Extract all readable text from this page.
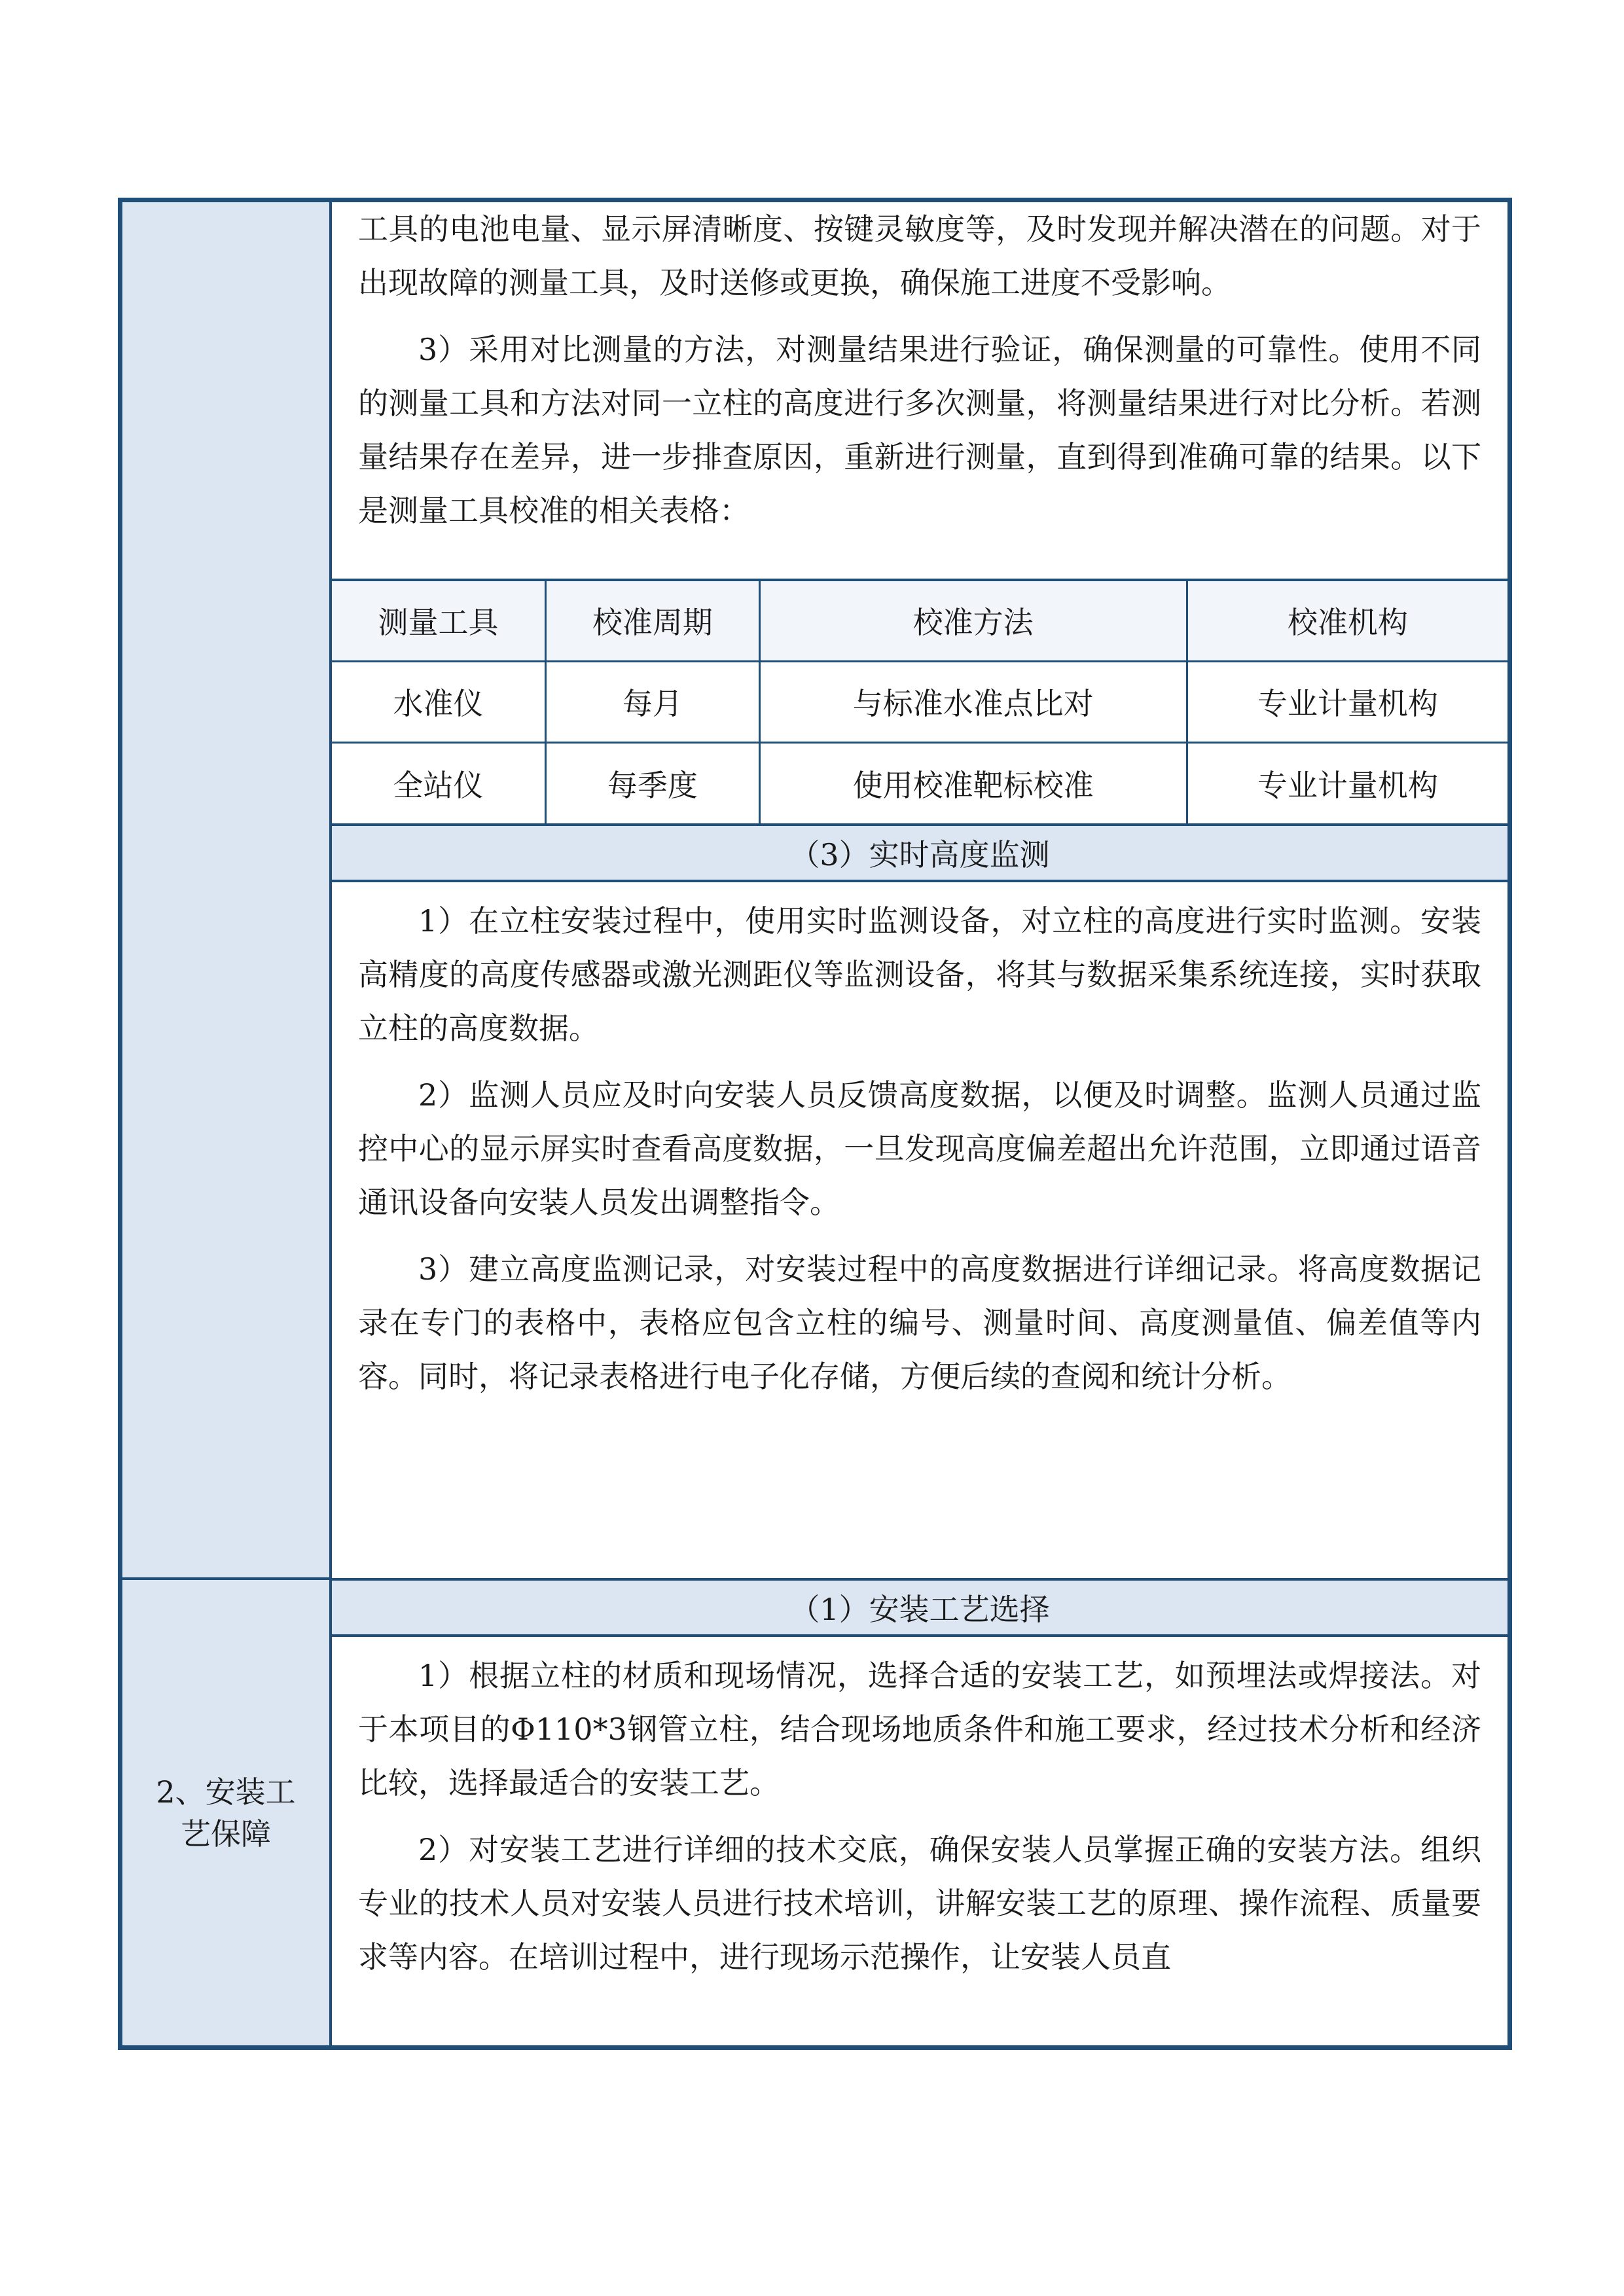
2、安装工艺保障

工具的电池电量、显示屏清晰度、按键灵敏度等，及时发现并解决潜在的问题。对于出现故障的测量工具，及时送修或更换，确保施工进度不受影响。

3）采用对比测量的方法，对测量结果进行验证，确保测量的可靠性。使用不同的测量工具和方法对同一立柱的高度进行多次测量，将测量结果进行对比分析。若测量结果存在差异，进一步排查原因，重新进行测量，直到得到准确可靠的结果。以下是测量工具校准的相关表格：

测量工具	校准周期	校准方法	校准机构
水准仪	每月	与标准水准点比对	专业计量机构
全站仪	每季度	使用校准靶标校准	专业计量机构
（3）实时高度监测

1）在立柱安装过程中，使用实时监测设备，对立柱的高度进行实时监测。安装高精度的高度传感器或激光测距仪等监测设备，将其与数据采集系统连接，实时获取立柱的高度数据。

2）监测人员应及时向安装人员反馈高度数据，以便及时调整。监测人员通过监控中心的显示屏实时查看高度数据，一旦发现高度偏差超出允许范围，立即通过语音通讯设备向安装人员发出调整指令。

3）建立高度监测记录，对安装过程中的高度数据进行详细记录。将高度数据记录在专门的表格中，表格应包含立柱的编号、测量时间、高度测量值、偏差值等内容。同时，将记录表格进行电子化存储，方便后续的查阅和统计分析。

（1）安装工艺选择

1）根据立柱的材质和现场情况，选择合适的安装工艺，如预埋法或焊接法。对于本项目的Φ110*3钢管立柱，结合现场地质条件和施工要求，经过技术分析和经济比较，选择最适合的安装工艺。

2）对安装工艺进行详细的技术交底，确保安装人员掌握正确的安装方法。组织专业的技术人员对安装人员进行技术培训，讲解安装工艺的原理、操作流程、质量要求等内容。在培训过程中，进行现场示范操作，让安装人员直
